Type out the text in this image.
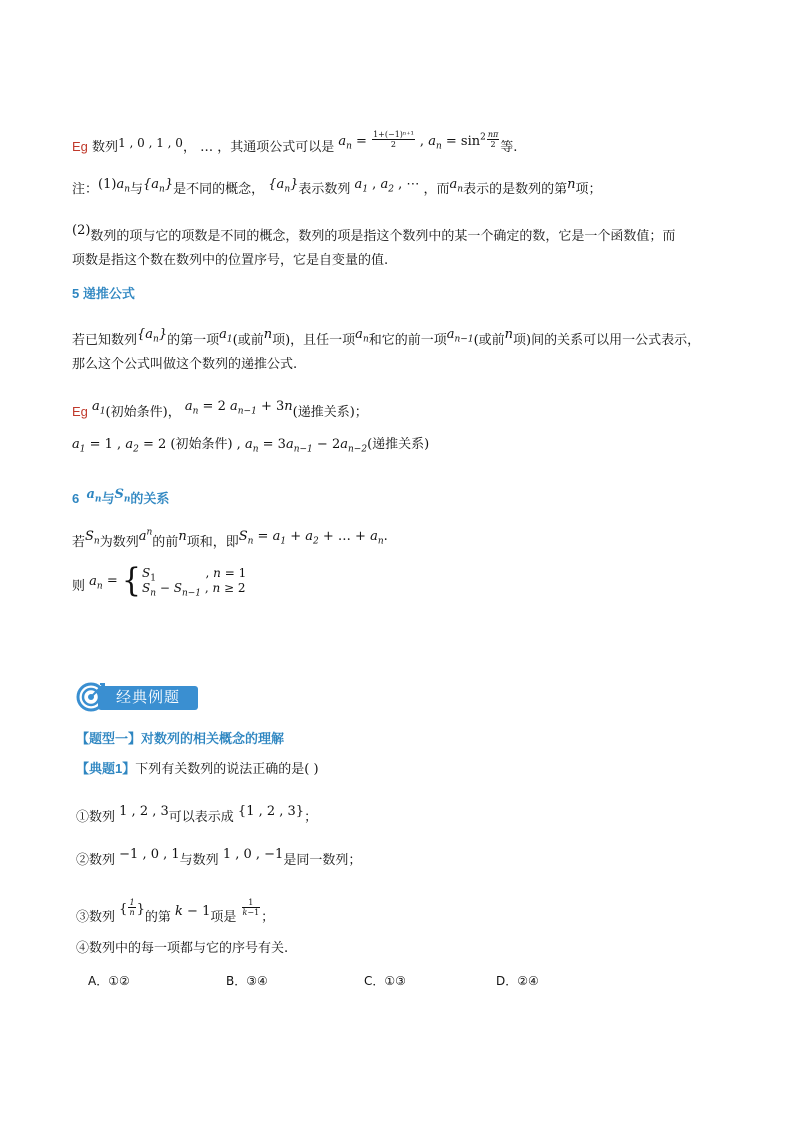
Eg 数列1 , 0 , 1 , 0， … ，其通项公式可以是 $a_n = \frac{\text{1+(−1)ⁿ⁺¹}}{2}$ , $a_n = \sin^2 \frac{n\pi}{2}$ 等.
注：$(1)a_n$与$\{a_n\}$是不同的概念， $\{a_n\}$表示数列 $a_1$ , $a_2$ , ⋯ ，而$a_n$表示的是数列的第n项；
(2)数列的项与它的项数是不同的概念，数列的项是指这个数列中的某一个确定的数，它是一个函数值；而
项数是指这个数在数列中的位置序号，它是自变量的值.
5 递推公式
若已知数列$\{a_n\}$的第一项$a_1$(或前n项)，且任一项$a_n$和它的前一项$a_{n-1}$(或前n项)间的关系可以用一公式表示，
那么这个公式叫做这个数列的递推公式.
Eg $a_1$(初始条件)， $a_n = 2$ $a_{n-1} + 3n$(递推关系)；
$a_1 = 1$ , $a_2 = 2$ (初始条件) , $a_n = 3a_{n-1} - 2a_{n-2}$(递推关系)
6 $a_n$与$S_n$的关系
若$S_n$为数列$a^n$的前n项和，即$S_n = a_1 + a_2$ + … + $a_n$.
则 $a_n$ = { $S_1$             , n = 1
$S_n - S_{n-1}$ , n ≥ 2
经典例题
【题型一】对数列的相关概念的理解
【典题1】下列有关数列的说法正确的是( )
①数列 1 , 2 , 3可以表示成 {1 , 2 , 3}；
②数列 −1 , 0 , 1与数列 1 , 0 , −1是同一数列；
③数列 { $\frac{1}{n}$ }的第 k − 1项是
$\frac{1}{k-1}$
；
④数列中的每一项都与它的序号有关.
A．①②	B．③④	C．①③	D．②④
